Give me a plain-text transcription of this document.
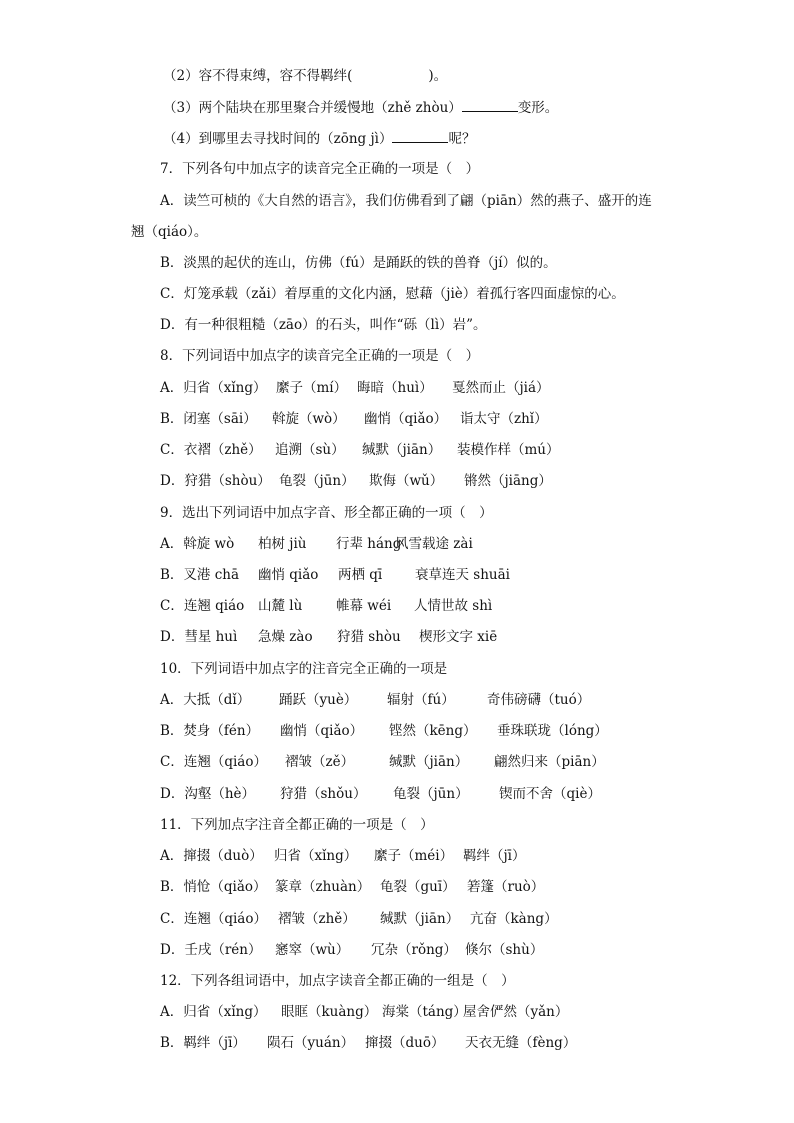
（2）容不得束缚，容不得羁绊(	)。
（3）两个陆块在那里聚合并缓慢地（zhě zhòu）	变形。
（4）到哪里去寻找时间的（zōng jì）	呢？
7．下列各句中加点字的读音完全正确的一项是（　）
A．读竺可桢的《大自然的语言》，我们仿佛看到了翩（piān）然的燕子、盛开的连
翘（qiáo）。
B．淡黑的起伏的连山，仿佛（fú）是踊跃的铁的兽脊（jí）似的。
C．灯笼承载（zǎi）着厚重的文化内涵，慰藉（jiè）着孤行客四面虚惊的心。
D．有一种很粗糙（zāo）的石头，叫作“砾（lì）岩”。
8．下列词语中加点字的读音完全正确的一项是（　）
A．归省（xǐng） 縻子（mí） 晦暗（huì） 戛然而止（jiá）
B．闭塞（sāi） 斡旋（wò） 幽悄（qiǎo） 诣太守（zhǐ）
C．衣褶（zhě） 追溯（sù） 缄默（jiān） 装模作样（mú）
D．狩猎（shòu） 龟裂（jūn） 欺侮（wǔ） 锵然（jiāng）
9．选出下列词语中加点字音、形全都正确的一项（　）
A．斡旋 wò 柏树 jiù 行辈 háng风雪载途 zài
B．叉港 chā 幽悄 qiǎo 两栖 qī 衰草连天 shuāi
C．连翘 qiáo 山麓 lù 帷幕 wéi 人情世故 shì
D．彗星 huì 急燥 zào 狩猎 shòu 楔形文字 xiē
10．下列词语中加点字的注音完全正确的一项是
A．大抵（dǐ） 踊跃（yuè） 辐射（fú） 奇伟磅礴（tuó）
B．焚身（fén） 幽悄（qiǎo） 铿然（kēng） 垂珠联珑（lóng）
C．连翘（qiáo） 褶皱（zě）	缄默（jiān） 翩然归来（piān）
D．沟壑（hè） 狩猎（shǒu） 龟裂（jūn） 锲而不舍（qiè）
11．下列加点字注音全都正确的一项是（　）
A．撺掇（duò） 归省（xǐng） 縻子（méi） 羁绊（jī）
B．悄怆（qiǎo） 篆章（zhuàn） 龟裂（guī） 箬篷（ruò）
C．连翘（qiáo） 褶皱（zhě） 缄默（jiān） 亢奋（kàng）
D．壬戌（rén） 窸窣（wù） 冗杂（rǒng） 倏尔（shù）
12．下列各组词语中，加点字读音全都正确的一组是（　）
A．归省（xǐng） 眼眶（kuàng） 海棠（táng）屋舍俨然（yǎn）
B．羁绊（jī） 陨石（yuán） 撺掇（duō） 天衣无缝（fèng）
